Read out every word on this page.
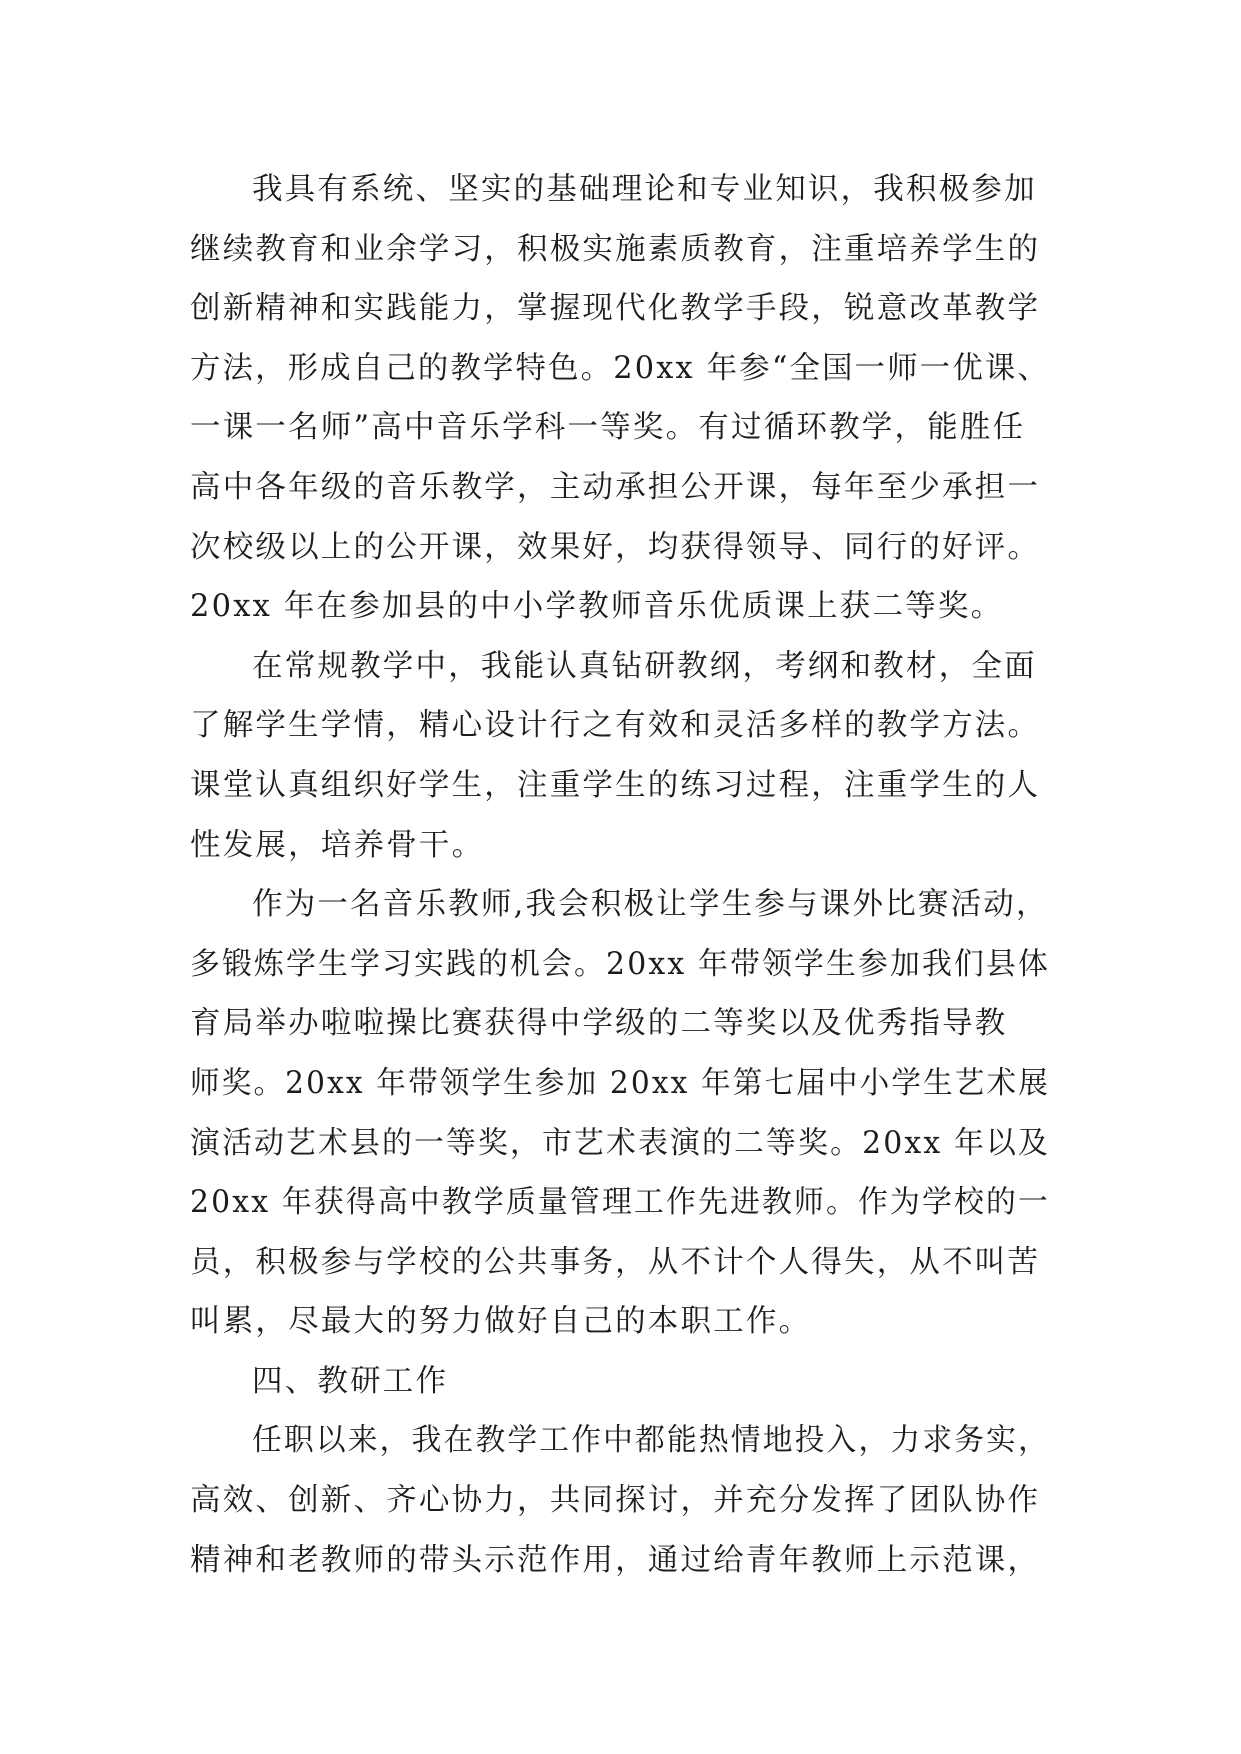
我具有系统、坚实的基础理论和专业知识，我积极参加
继续教育和业余学习，积极实施素质教育，注重培养学生的
创新精神和实践能力，掌握现代化教学手段，锐意改革教学
方法，形成自己的教学特色。20xx 年参“全国一师一优课、
一课一名师”高中音乐学科一等奖。有过循环教学，能胜任
高中各年级的音乐教学，主动承担公开课，每年至少承担一
次校级以上的公开课，效果好，均获得领导、同行的好评。
20xx 年在参加县的中小学教师音乐优质课上获二等奖。
在常规教学中，我能认真钻研教纲，考纲和教材，全面
了解学生学情，精心设计行之有效和灵活多样的教学方法。
课堂认真组织好学生，注重学生的练习过程，注重学生的人
性发展，培养骨干。
作为一名音乐教师,我会积极让学生参与课外比赛活动，
多锻炼学生学习实践的机会。20xx 年带领学生参加我们县体
育局举办啦啦操比赛获得中学级的二等奖以及优秀指导教
师奖。20xx 年带领学生参加 20xx 年第七届中小学生艺术展
演活动艺术县的一等奖，市艺术表演的二等奖。20xx 年以及
20xx 年获得高中教学质量管理工作先进教师。作为学校的一
员，积极参与学校的公共事务，从不计个人得失，从不叫苦
叫累，尽最大的努力做好自己的本职工作。
四、教研工作
任职以来，我在教学工作中都能热情地投入，力求务实，
高效、创新、齐心协力，共同探讨，并充分发挥了团队协作
精神和老教师的带头示范作用，通过给青年教师上示范课，
